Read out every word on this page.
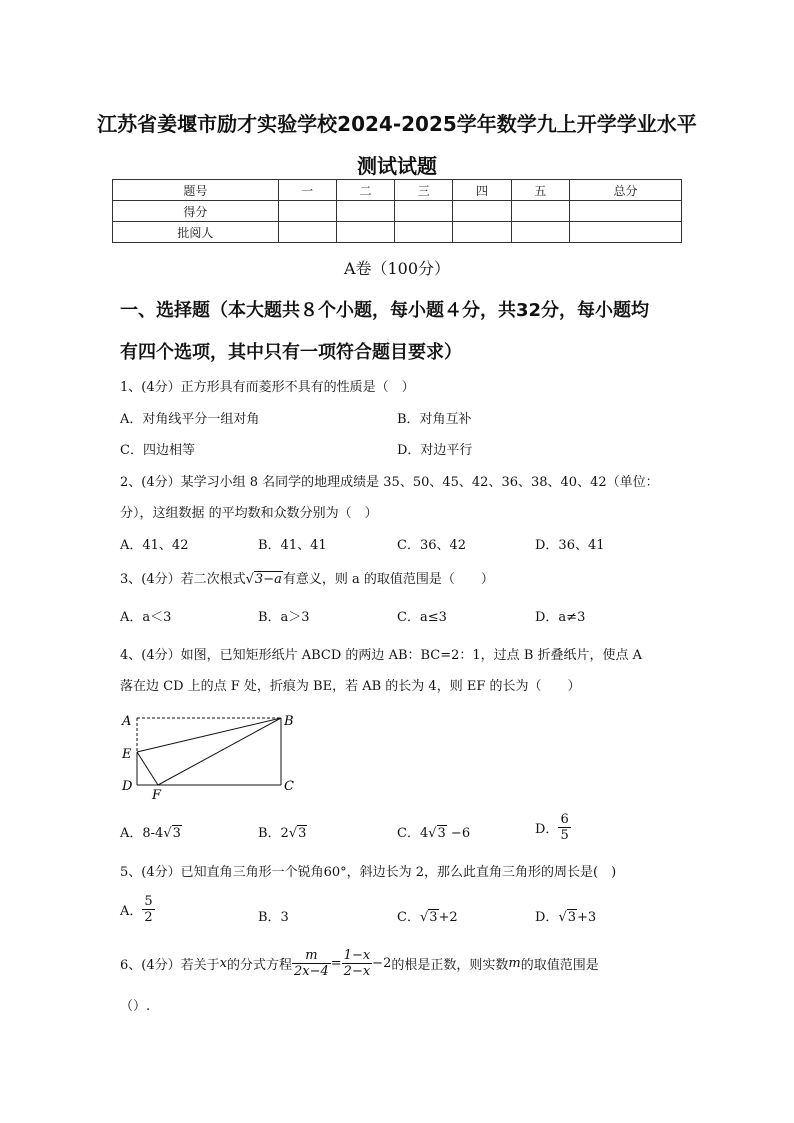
江苏省姜堰市励才实验学校2024-2025学年数学九上开学学业水平
测试试题
题号	一	二	三	四	五	总分
得分						
批阅人						
A卷（100分）
一、选择题（本大题共８个小题，每小题４分，共32分，每小题均
有四个选项，其中只有一项符合题目要求）
1、(4分）正方形具有而菱形不具有的性质是（　）
A．对角线平分一组对角	B．对角互补
C．四边相等	D．对边平行
2、(4分）某学习小组 8 名同学的地理成绩是 35、50、45、42、36、38、40、42（单位：
分），这组数据 的平均数和众数分别为（　）
A．41、42	B．41、41	C．36、42	D．36、41
3、(4分）若二次根式√3−a有意义，则 a 的取值范围是（　　）
A．a＜3	B．a＞3	C．a≤3	D．a≠3
4、(4分）如图，已知矩形纸片 ABCD 的两边 AB：BC=2：1，过点 B 折叠纸片，使点 A
落在边 CD 上的点 F 处，折痕为 BE，若 AB 的长为 4，则 EF 的长为（　　）
A	B
E
D	C
F
A．8-4√3	B．2√3	C．4√3 −6	D． $\frac{6}{5}$
5、(4分）已知直角三角形一个锐角60°，斜边长为 2，那么此直角三角形的周长是(　)
A． $\frac{5}{2}$	B．3	C．√3+2	D．√3+3
6、(4分）若关于x的分式方程 $\frac{m}{2x-4} = \frac{1-x}{2-x} -2$的根是正数，则实数m的取值范围是
（）.
